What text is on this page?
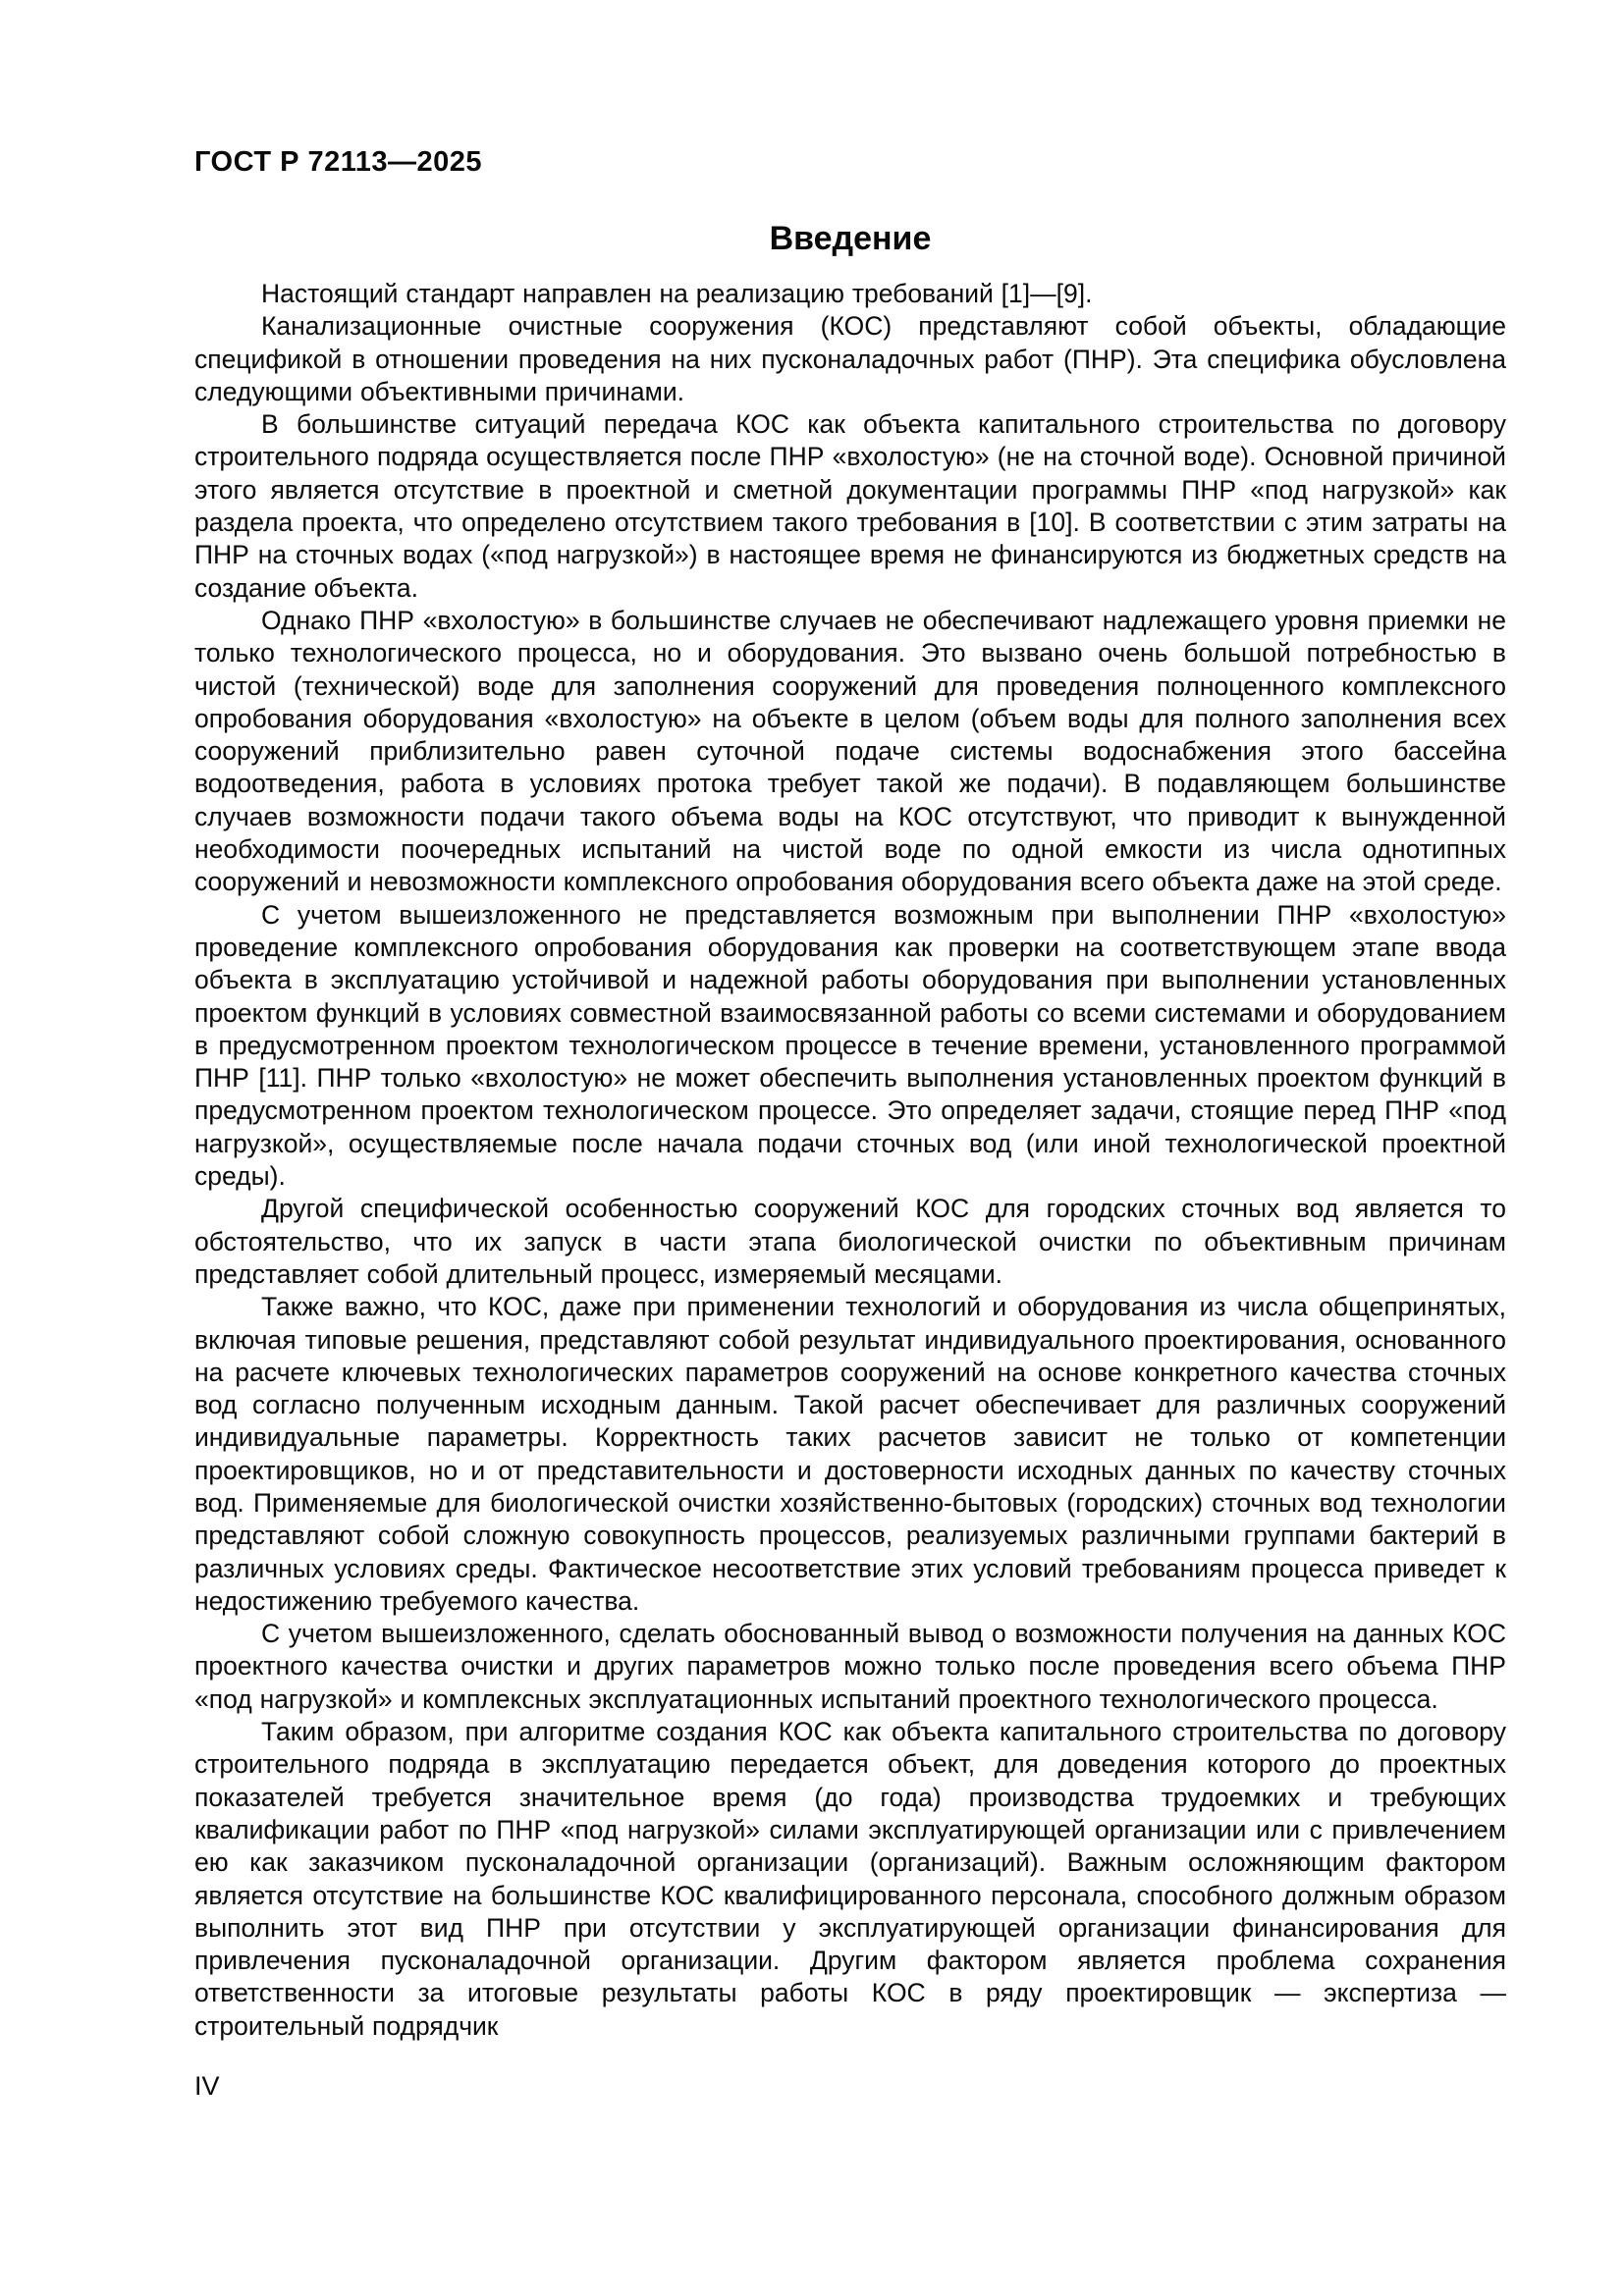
ГОСТ Р 72113—2025
Введение

Настоящий стандарт направлен на реализацию требований [1]—[9].

Канализационные очистные сооружения (КОС) представляют собой объекты, обладающие спецификой в отношении проведения на них пусконаладочных работ (ПНР). Эта специфика обусловлена следующими объективными причинами.

В большинстве ситуаций передача КОС как объекта капитального строительства по договору строительного подряда осуществляется после ПНР «вхолостую» (не на сточной воде). Основной причиной этого является отсутствие в проектной и сметной документации программы ПНР «под нагрузкой» как раздела проекта, что определено отсутствием такого требования в [10]. В соответствии с этим затраты на ПНР на сточных водах («под нагрузкой») в настоящее время не финансируются из бюджетных средств на создание объекта.

Однако ПНР «вхолостую» в большинстве случаев не обеспечивают надлежащего уровня приемки не только технологического процесса, но и оборудования. Это вызвано очень большой потребностью в чистой (технической) воде для заполнения сооружений для проведения полноценного комплексного опробования оборудования «вхолостую» на объекте в целом (объем воды для полного заполнения всех сооружений приблизительно равен суточной подаче системы водоснабжения этого бассейна водоотведения, работа в условиях протока требует такой же подачи). В подавляющем большинстве случаев возможности подачи такого объема воды на КОС отсутствуют, что приводит к вынужденной необходимости поочередных испытаний на чистой воде по одной емкости из числа однотипных сооружений и невозможности комплексного опробования оборудования всего объекта даже на этой среде.

С учетом вышеизложенного не представляется возможным при выполнении ПНР «вхолостую» проведение комплексного опробования оборудования как проверки на соответствующем этапе ввода объекта в эксплуатацию устойчивой и надежной работы оборудования при выполнении установленных проектом функций в условиях совместной взаимосвязанной работы со всеми системами и оборудованием в предусмотренном проектом технологическом процессе в течение времени, установленного программой ПНР [11]. ПНР только «вхолостую» не может обеспечить выполнения установленных проектом функций в предусмотренном проектом технологическом процессе. Это определяет задачи, стоящие перед ПНР «под нагрузкой», осуществляемые после начала подачи сточных вод (или иной технологической проектной среды).

Другой специфической особенностью сооружений КОС для городских сточных вод является то обстоятельство, что их запуск в части этапа биологической очистки по объективным причинам представляет собой длительный процесс, измеряемый месяцами.

Также важно, что КОС, даже при применении технологий и оборудования из числа общепринятых, включая типовые решения, представляют собой результат индивидуального проектирования, основанного на расчете ключевых технологических параметров сооружений на основе конкретного качества сточных вод согласно полученным исходным данным. Такой расчет обеспечивает для различных сооружений индивидуальные параметры. Корректность таких расчетов зависит не только от компетенции проектировщиков, но и от представительности и достоверности исходных данных по качеству сточных вод. Применяемые для биологической очистки хозяйственно-бытовых (городских) сточных вод технологии представляют собой сложную совокупность процессов, реализуемых различными группами бактерий в различных условиях среды. Фактическое несоответствие этих условий требованиям процесса приведет к недостижению требуемого качества.

С учетом вышеизложенного, сделать обоснованный вывод о возможности получения на данных КОС проектного качества очистки и других параметров можно только после проведения всего объема ПНР «под нагрузкой» и комплексных эксплуатационных испытаний проектного технологического процесса.

Таким образом, при алгоритме создания КОС как объекта капитального строительства по договору строительного подряда в эксплуатацию передается объект, для доведения которого до проектных показателей требуется значительное время (до года) производства трудоемких и требующих квалификации работ по ПНР «под нагрузкой» силами эксплуатирующей организации или с привлечением ею как заказчиком пусконаладочной организации (организаций). Важным осложняющим фактором является отсутствие на большинстве КОС квалифицированного персонала, способного должным образом выполнить этот вид ПНР при отсутствии у эксплуатирующей организации финансирования для привлечения пусконаладочной организации. Другим фактором является проблема сохранения ответственности за итоговые результаты работы КОС в ряду проектировщик — экспертиза — строительный подрядчик

IV
